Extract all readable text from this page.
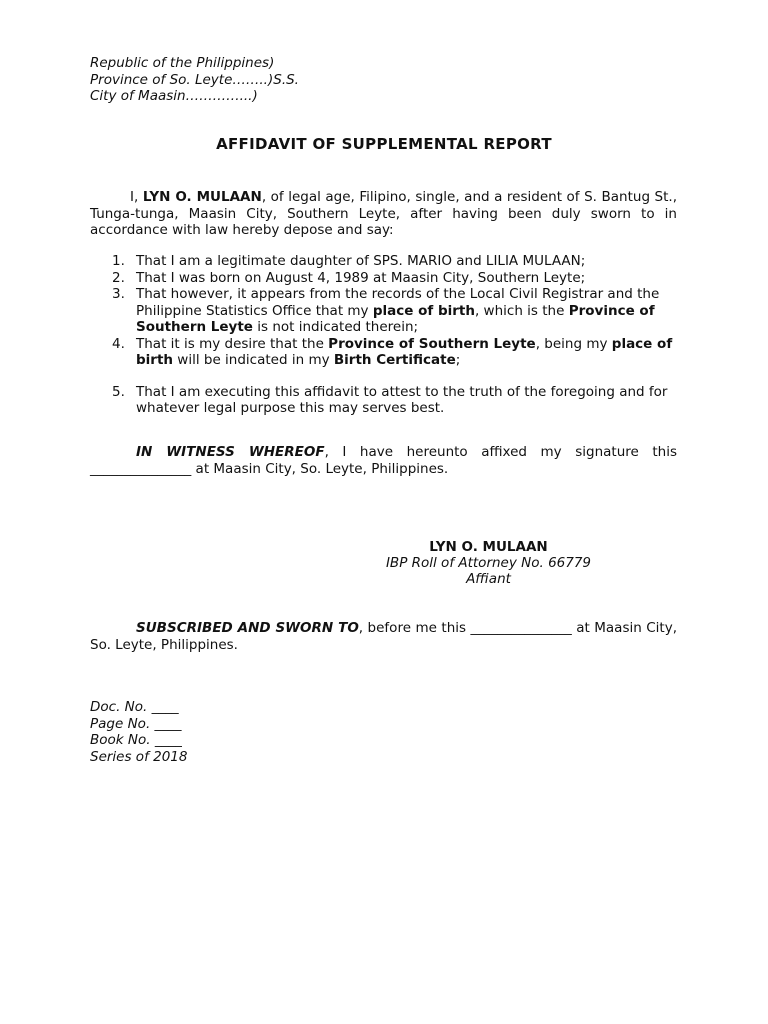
Republic of the Philippines)
Province of So. Leyte……..)S.S.
City of Maasin…………...)
AFFIDAVIT OF SUPPLEMENTAL REPORT
I, LYN O. MULAAN, of legal age, Filipino, single, and a resident of S. Bantug St., Tunga-tunga, Maasin City, Southern Leyte, after having been duly sworn to in accordance with law hereby depose and say:
1. That I am a legitimate daughter of SPS. MARIO and LILIA MULAAN;
2. That I was born on August 4, 1989 at Maasin City, Southern Leyte;
3. That however, it appears from the records of the Local Civil Registrar and the Philippine Statistics Office that my place of birth, which is the Province of Southern Leyte is not indicated therein;
4. That it is my desire that the Province of Southern Leyte, being my place of birth will be indicated in my Birth Certificate;
5. That I am executing this affidavit to attest to the truth of the foregoing and for whatever legal purpose this may serves best.
IN WITNESS WHEREOF, I have hereunto affixed my signature this _______________ at Maasin City, So. Leyte, Philippines.
LYN O. MULAAN
IBP Roll of Attorney No. 66779
Affiant
SUBSCRIBED AND SWORN TO, before me this _______________ at Maasin City, So. Leyte, Philippines.
Doc. No. ____
Page No. ____
Book No. ____
Series of 2018
